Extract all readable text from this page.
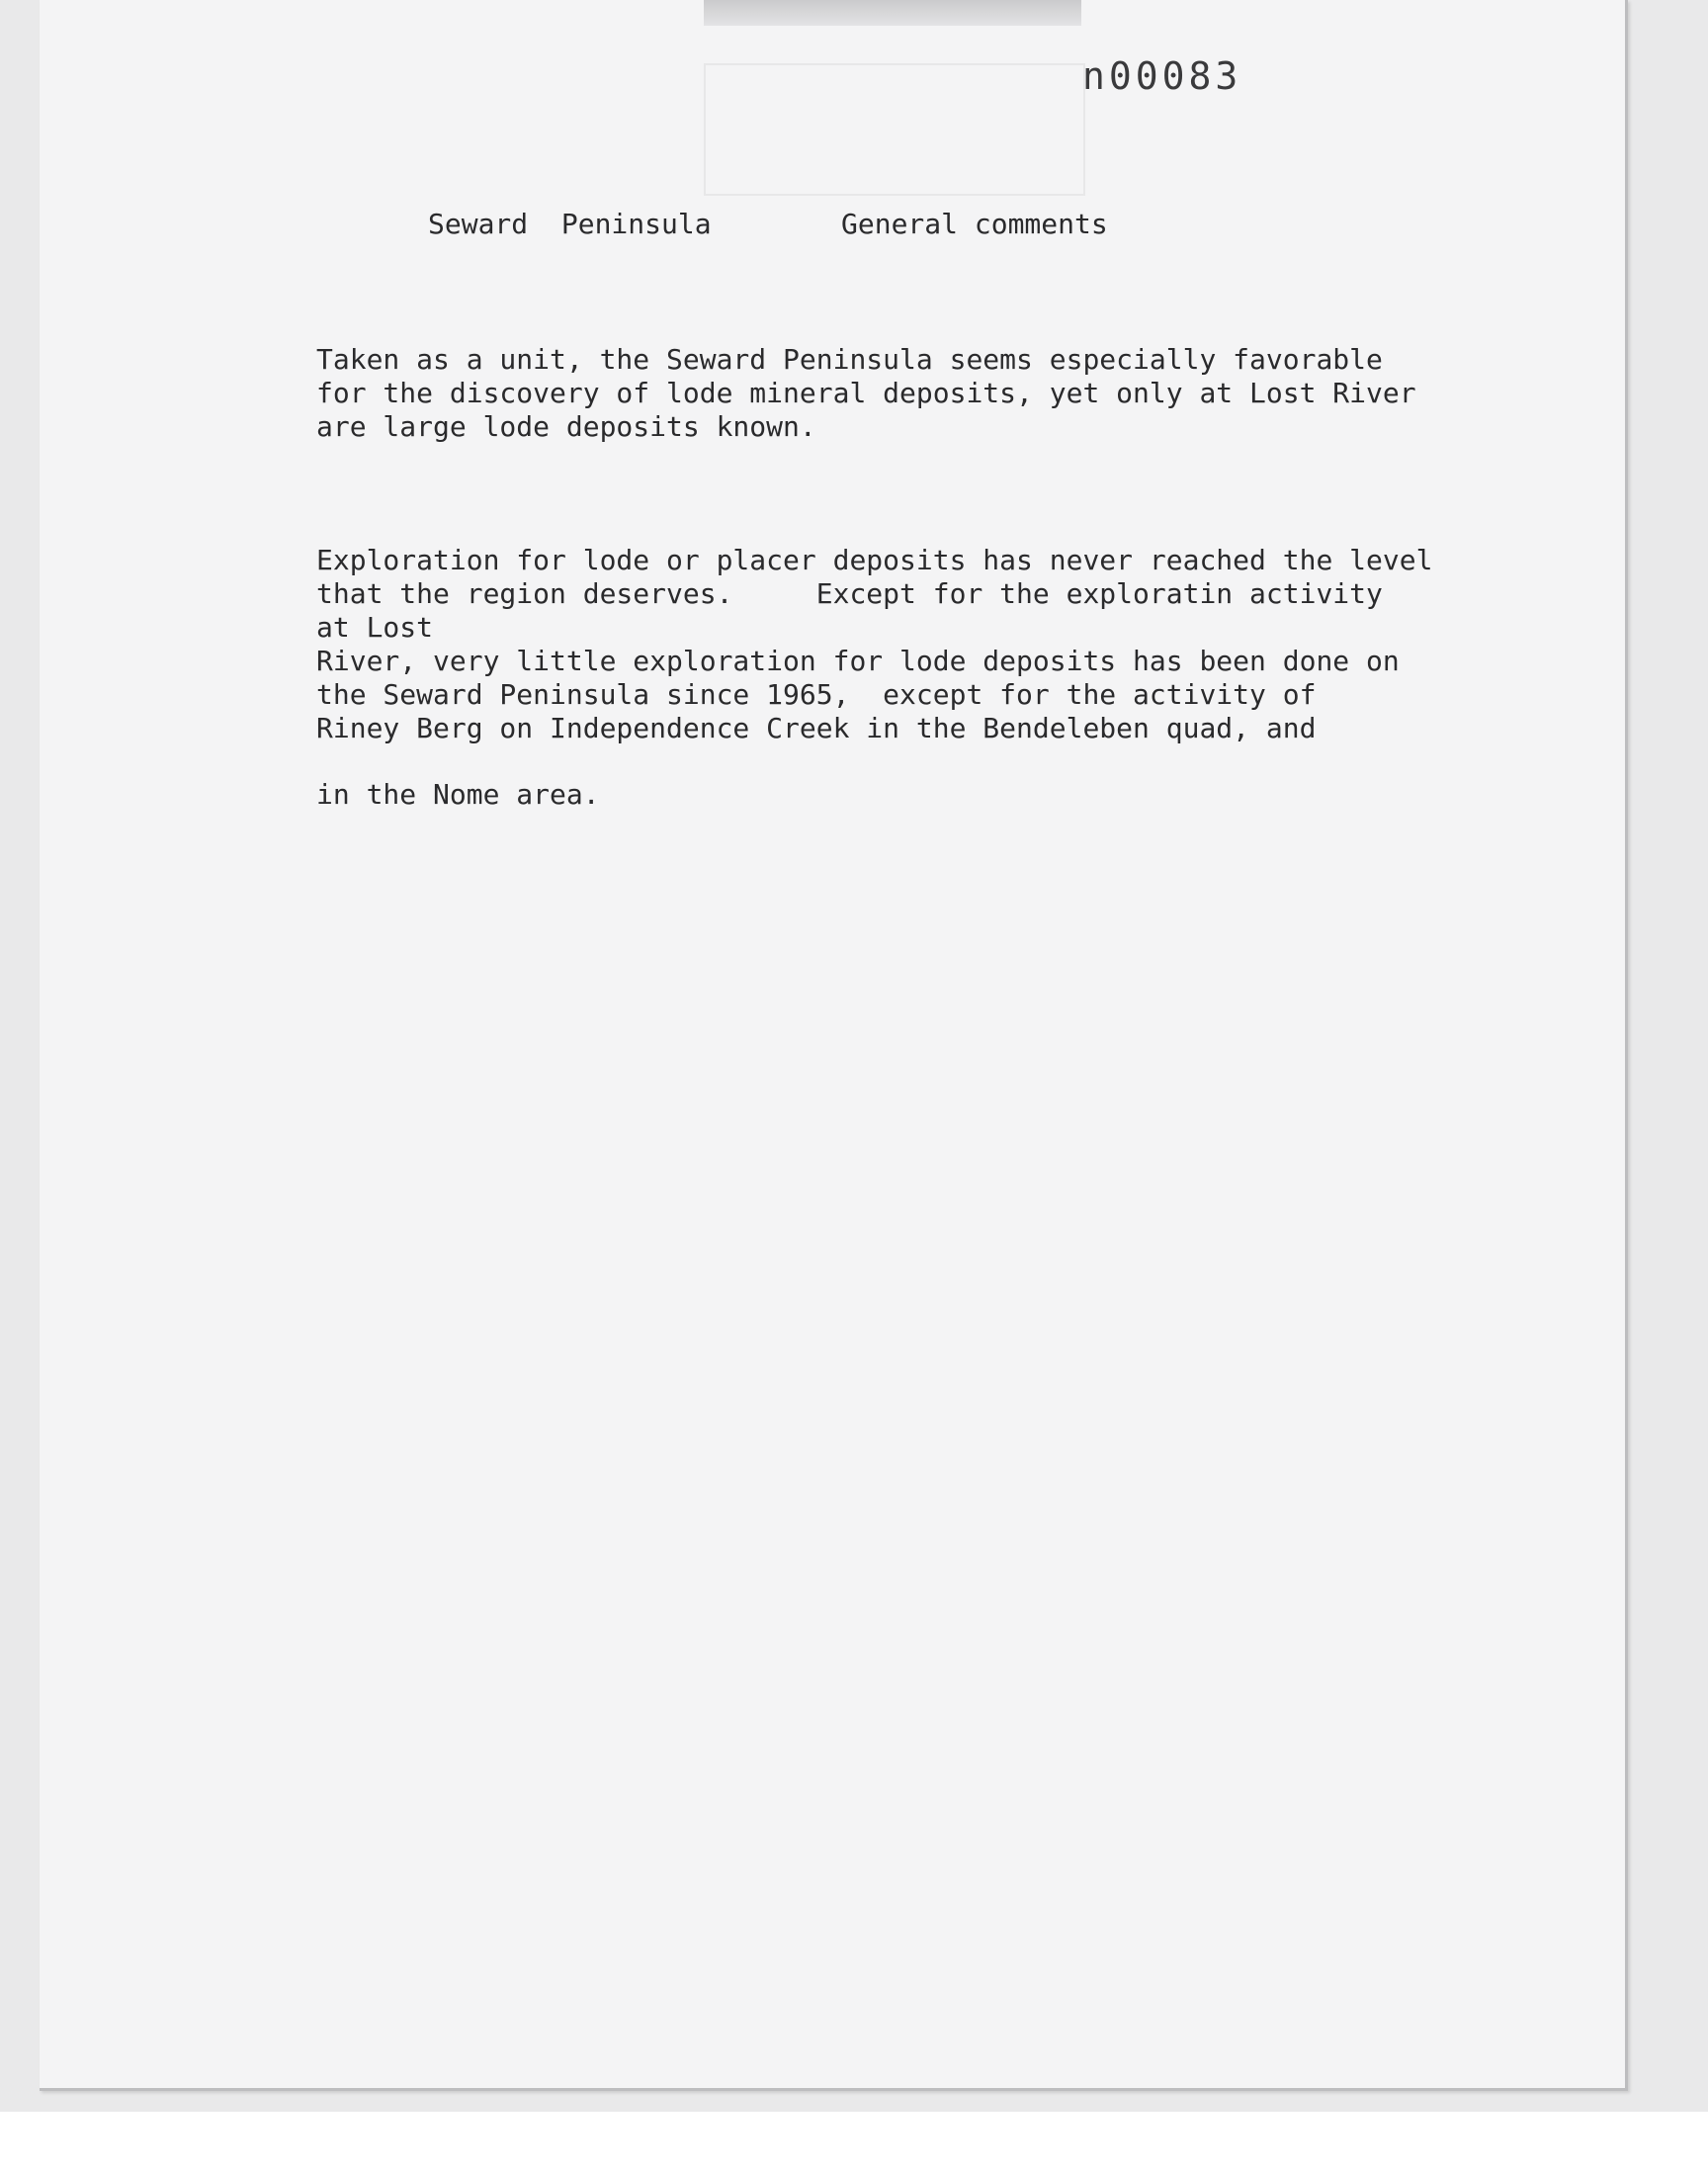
n00083

Seward  Peninsula	General comments

Taken as a unit, the Seward Peninsula seems especially favorable

for the discovery of lode mineral deposits, yet only at Lost River

are large lode deposits known.

Exploration for lode or placer deposits has never reached the level

that the region deserves.     Except for the exploratin activity

at Lost

River, very little exploration for lode deposits has been done on

the Seward Peninsula since 1965,  except for the activity of

Riney Berg on Independence Creek in the Bendeleben quad, and

in the Nome area.
